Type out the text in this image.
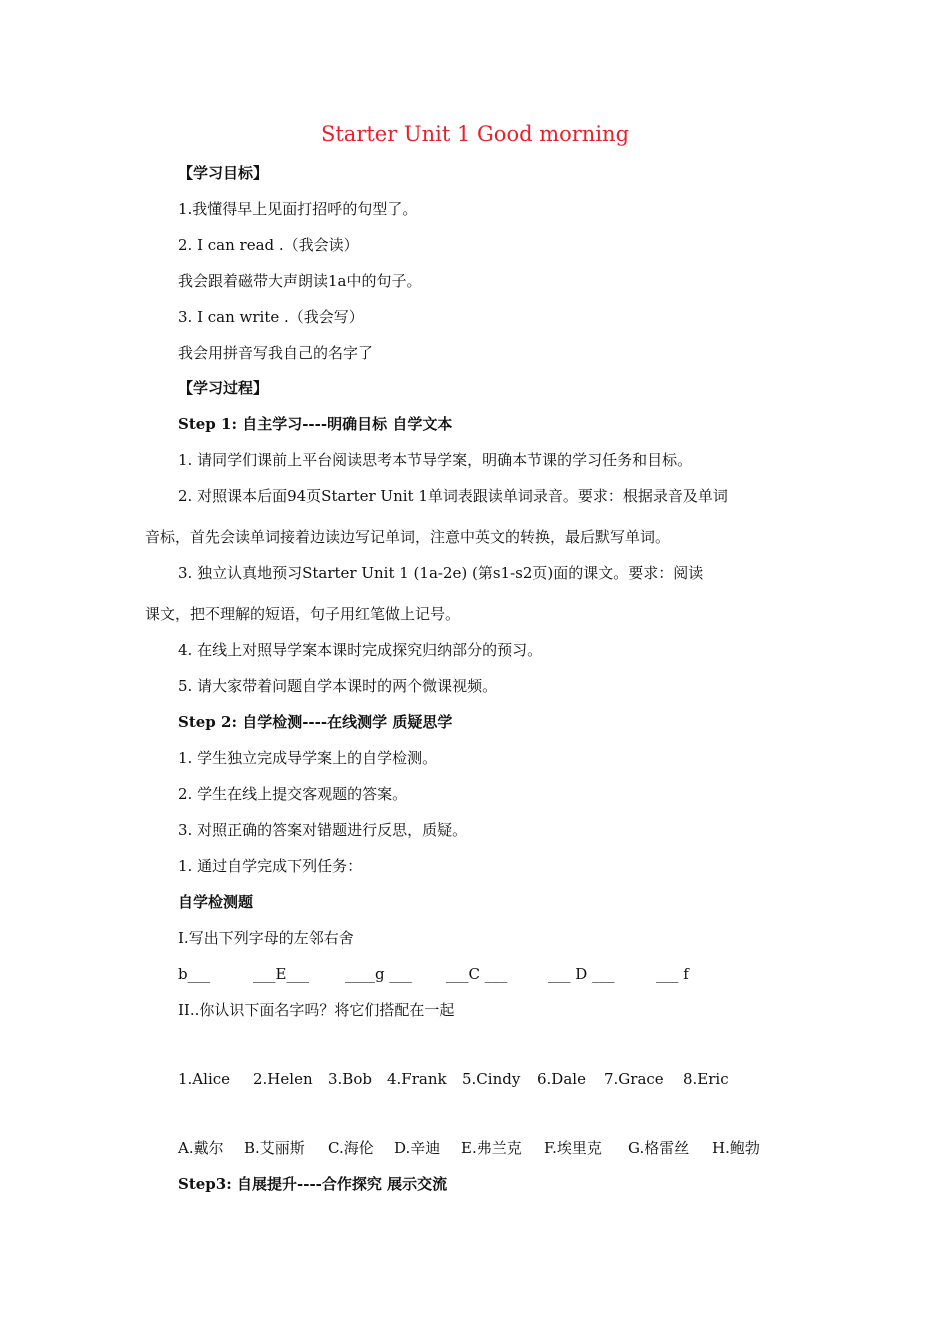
Starter Unit 1 Good morning
【学习目标】
1.我懂得早上见面打招呼的句型了。
2. I can read .（我会读）
我会跟着磁带大声朗读1a中的句子。
3. I can write .（我会写）
我会用拼音写我自己的名字了
【学习过程】
Step 1: 自主学习----明确目标 自学文本
1. 请同学们课前上平台阅读思考本节导学案，明确本节课的学习任务和目标。
2. 对照课本后面94页Starter Unit 1单词表跟读单词录音。要求：根据录音及单词
音标，首先会读单词接着边读边写记单词，注意中英文的转换，最后默写单词。
3. 独立认真地预习Starter Unit 1 (1a-2e) (第s1-s2页)面的课文。要求：阅读
课文，把不理解的短语，句子用红笔做上记号。
4. 在线上对照导学案本课时完成探究归纳部分的预习。
5. 请大家带着问题自学本课时的两个微课视频。
Step 2: 自学检测----在线测学 质疑思学
1. 学生独立完成导学案上的自学检测。
2. 学生在线上提交客观题的答案。
3. 对照正确的答案对错题进行反思，质疑。
1. 通过自学完成下列任务：
自学检测题
I.写出下列字母的左邻右舍
b___	___E___ ____g ___ ___C ___	___ D ___	___ f
II..你认识下面名字吗？将它们搭配在一起
1.Alice 2.Helen 3.Bob 4.Frank 5.Cindy 6.Dale 7.Grace 8.Eric
A.戴尔 B.艾丽斯 C.海伦 D.辛迪 E.弗兰克 F.埃里克 G.格雷丝 H.鲍勃
Step3: 自展提升----合作探究 展示交流
